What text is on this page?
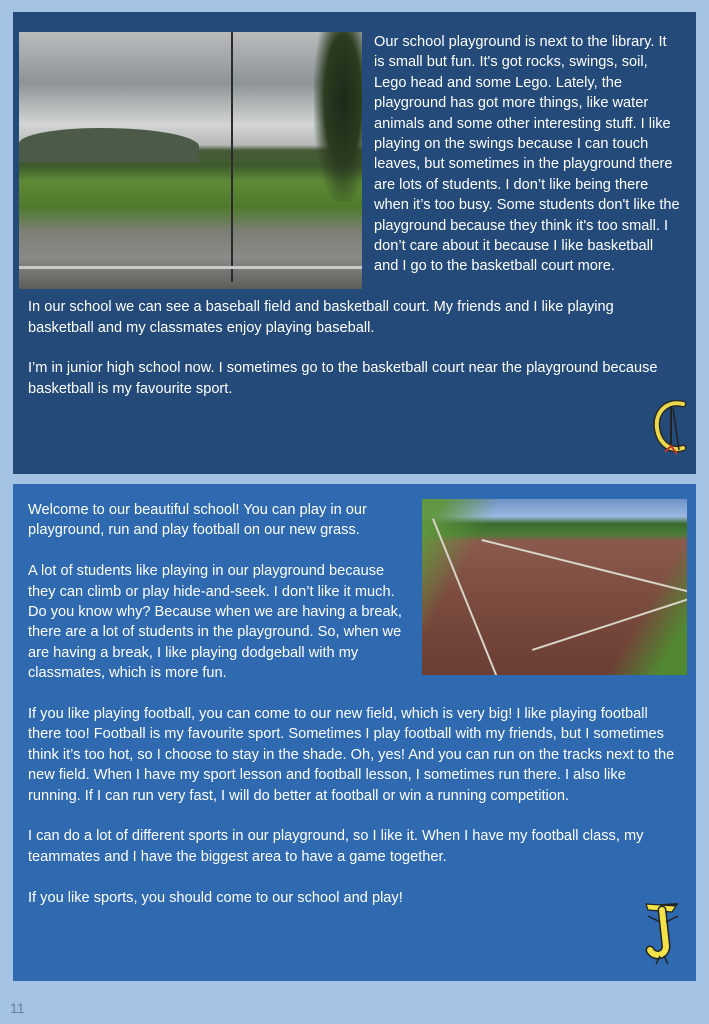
Our school playground is next to the library. It is small but fun. It's got rocks, swings, soil, Lego head and some Lego. Lately, the playground has got more things, like water animals and some other interesting stuff. I like playing on the swings because I can touch leaves, but sometimes in the playground there are lots of students. I don’t like being there when it’s too busy. Some students don't like the playground because they think it's too small. I don’t care about it because I like basketball and I go to the basketball court more.

In our school we can see a baseball field and basketball court. My friends and I like playing basketball and my classmates enjoy playing baseball.

I’m in junior high school now. I sometimes go to the basketball court near the playground because basketball is my favourite sport.

Welcome to our beautiful school! You can play in our playground, run and play football on our new grass.

A lot of students like playing in our playground because they can climb or play hide-and-seek. I don’t like it much. Do you know why? Because when we are having a break, there are a lot of students in the playground. So, when we are having a break, I like playing dodgeball with my classmates, which is more fun.

If you like playing football, you can come to our new field, which is very big! I like playing football there too! Football is my favourite sport. Sometimes I play football with my friends, but I sometimes think it’s too hot, so I choose to stay in the shade. Oh, yes! And you can run on the tracks next to the new field. When I have my sport lesson and football lesson, I sometimes run there. I also like running. If I can run very fast, I will do better at football or win a running competition.

I can do a lot of different sports in our playground, so I like it. When I have my football class, my teammates and I have the biggest area to have a game together.

If you like sports, you should come to our school and play!

11
